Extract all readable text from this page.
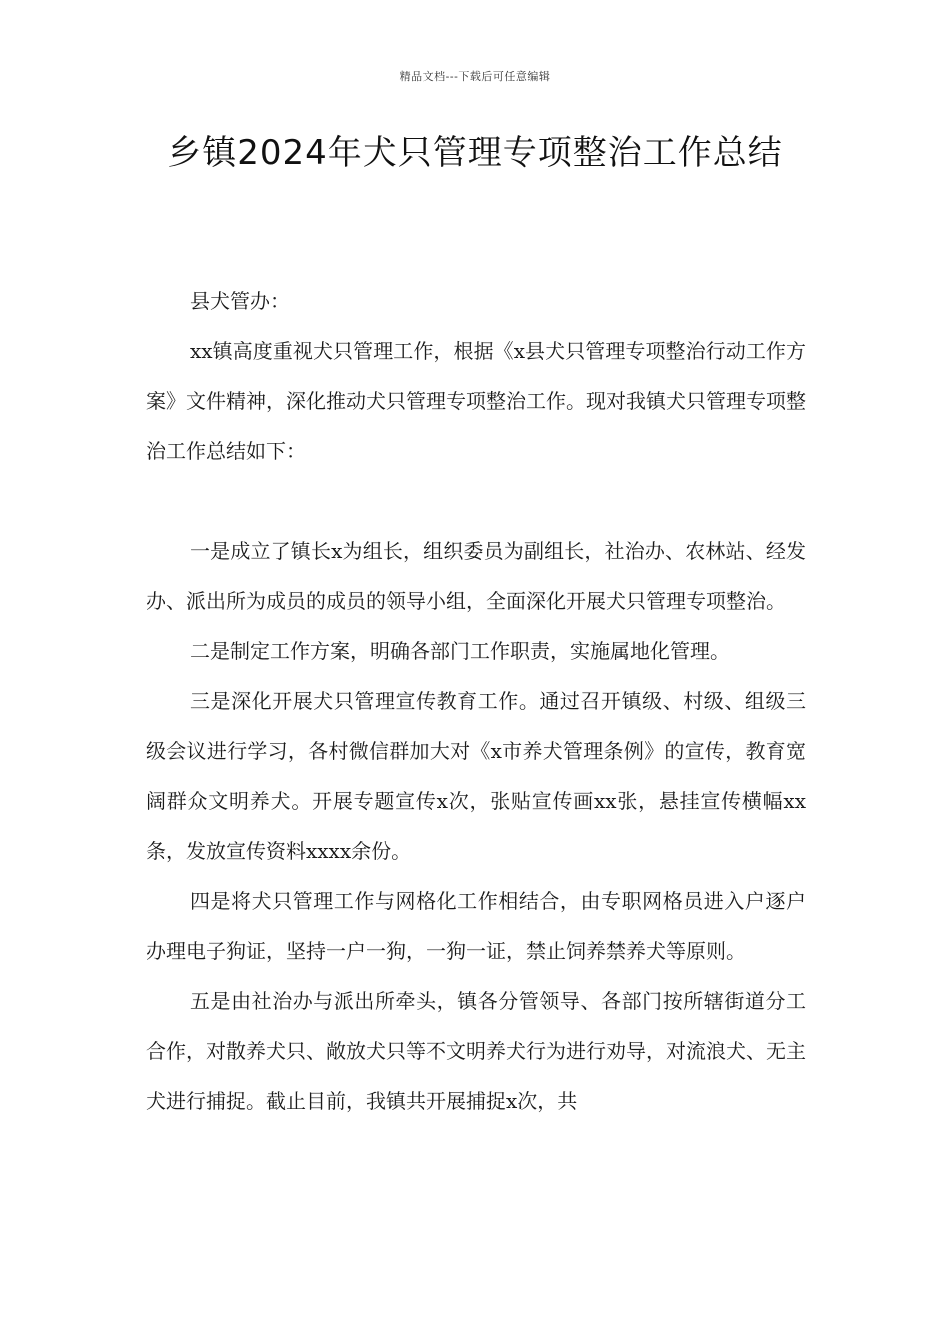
精品文档---下载后可任意编辑
乡镇2024年犬只管理专项整治工作总结

县犬管办：

xx镇高度重视犬只管理工作，根据《x县犬只管理专项整治行动工作方案》文件精神，深化推动犬只管理专项整治工作。现对我镇犬只管理专项整治工作总结如下：

一是成立了镇长x为组长，组织委员为副组长，社治办、农林站、经发办、派出所为成员的成员的领导小组，全面深化开展犬只管理专项整治。

二是制定工作方案，明确各部门工作职责，实施属地化管理。

三是深化开展犬只管理宣传教育工作。通过召开镇级、村级、组级三级会议进行学习，各村微信群加大对《x市养犬管理条例》的宣传，教育宽阔群众文明养犬。开展专题宣传x次，张贴宣传画xx张，悬挂宣传横幅xx条，发放宣传资料xxxx余份。

四是将犬只管理工作与网格化工作相结合，由专职网格员进入户逐户办理电子狗证，坚持一户一狗，一狗一证，禁止饲养禁养犬等原则。

五是由社治办与派出所牵头，镇各分管领导、各部门按所辖街道分工合作，对散养犬只、敞放犬只等不文明养犬行为进行劝导，对流浪犬、无主犬进行捕捉。截止目前，我镇共开展捕捉x次，共
